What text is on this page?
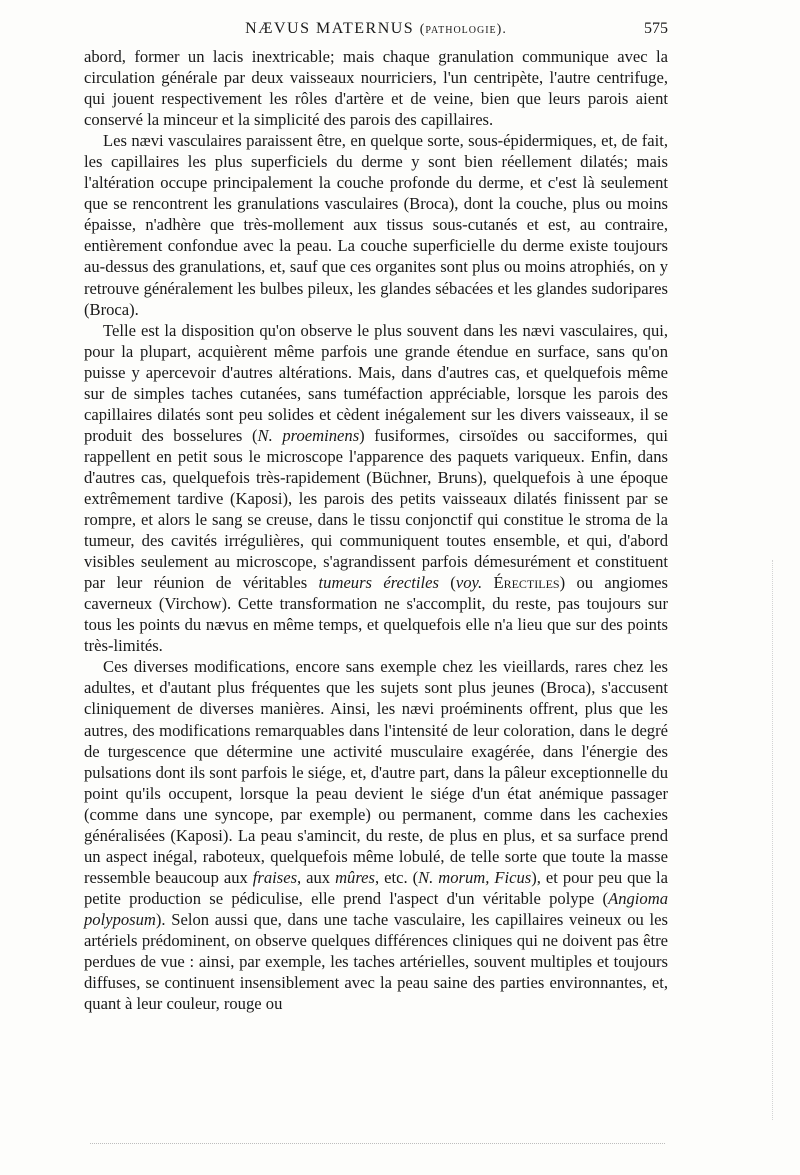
NÆVUS MATERNUS (pathologie).	575

abord, former un lacis inextricable; mais chaque granulation communique avec la circulation générale par deux vaisseaux nourriciers, l'un centripète, l'autre centrifuge, qui jouent respectivement les rôles d'artère et de veine, bien que leurs parois aient conservé la minceur et la simplicité des parois des capillaires.

Les nævi vasculaires paraissent être, en quelque sorte, sous-épidermiques, et, de fait, les capillaires les plus superficiels du derme y sont bien réellement dilatés; mais l'altération occupe principalement la couche profonde du derme, et c'est là seulement que se rencontrent les granulations vasculaires (Broca), dont la couche, plus ou moins épaisse, n'adhère que très-mollement aux tissus sous-cutanés et est, au contraire, entièrement confondue avec la peau. La couche superficielle du derme existe toujours au-dessus des granulations, et, sauf que ces organites sont plus ou moins atrophiés, on y retrouve généralement les bulbes pileux, les glandes sébacées et les glandes sudoripares (Broca).

Telle est la disposition qu'on observe le plus souvent dans les nævi vasculaires, qui, pour la plupart, acquièrent même parfois une grande étendue en surface, sans qu'on puisse y apercevoir d'autres altérations. Mais, dans d'autres cas, et quelquefois même sur de simples taches cutanées, sans tuméfaction appréciable, lorsque les parois des capillaires dilatés sont peu solides et cèdent inégalement sur les divers vaisseaux, il se produit des bosselures (N. proeminens) fusiformes, cirsoïdes ou sacciformes, qui rappellent en petit sous le microscope l'apparence des paquets variqueux. Enfin, dans d'autres cas, quelquefois très-rapidement (Büchner, Bruns), quelquefois à une époque extrêmement tardive (Kaposi), les parois des petits vaisseaux dilatés finissent par se rompre, et alors le sang se creuse, dans le tissu conjonctif qui constitue le stroma de la tumeur, des cavités irrégulières, qui communiquent toutes ensemble, et qui, d'abord visibles seulement au microscope, s'agrandissent parfois démesurément et constituent par leur réunion de véritables tumeurs érectiles (voy. Érectiles) ou angiomes caverneux (Virchow). Cette transformation ne s'accomplit, du reste, pas toujours sur tous les points du nævus en même temps, et quelquefois elle n'a lieu que sur des points très-limités.

Ces diverses modifications, encore sans exemple chez les vieillards, rares chez les adultes, et d'autant plus fréquentes que les sujets sont plus jeunes (Broca), s'accusent cliniquement de diverses manières. Ainsi, les nævi proéminents offrent, plus que les autres, des modifications remarquables dans l'intensité de leur coloration, dans le degré de turgescence que détermine une activité musculaire exagérée, dans l'énergie des pulsations dont ils sont parfois le siége, et, d'autre part, dans la pâleur exceptionnelle du point qu'ils occupent, lorsque la peau devient le siége d'un état anémique passager (comme dans une syncope, par exemple) ou permanent, comme dans les cachexies généralisées (Kaposi). La peau s'amincit, du reste, de plus en plus, et sa surface prend un aspect inégal, raboteux, quelquefois même lobulé, de telle sorte que toute la masse ressemble beaucoup aux fraises, aux mûres, etc. (N. morum, Ficus), et pour peu que la petite production se pédiculise, elle prend l'aspect d'un véritable polype (Angioma polyposum). Selon aussi que, dans une tache vasculaire, les capillaires veineux ou les artériels prédominent, on observe quelques différences cliniques qui ne doivent pas être perdues de vue : ainsi, par exemple, les taches artérielles, souvent multiples et toujours diffuses, se continuent insensiblement avec la peau saine des parties environnantes, et, quant à leur couleur, rouge ou
